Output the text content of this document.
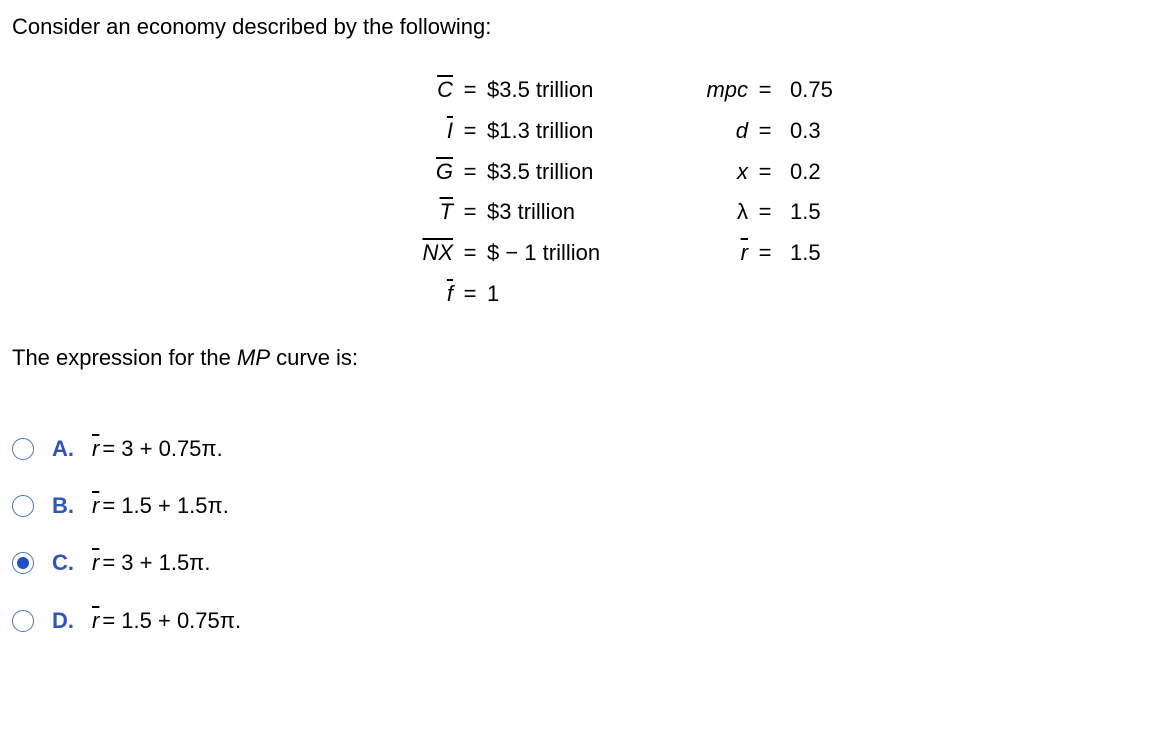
Consider an economy described by the following:
$\overline{C}$ = $3.5 trillion
$\overline{I}$ = $1.3 trillion
$\overline{G}$ = $3.5 trillion
$\overline{T}$ = $3 trillion
$\overline{NX}$ = $ − 1 trillion
$\overline{f} = 1$
mpc = 0.75
d = 0.3
x = 0.2
λ = 1.5
$\overline{r} = 1.5$
The expression for the MP curve is:
A. $\overline{r} = 3 + 0.75\pi$.
B. $\overline{r} = 1.5 + 1.5\pi$.
C. $\overline{r} = 3 + 1.5\pi$.
D. $\overline{r} = 1.5 + 0.75\pi$.
